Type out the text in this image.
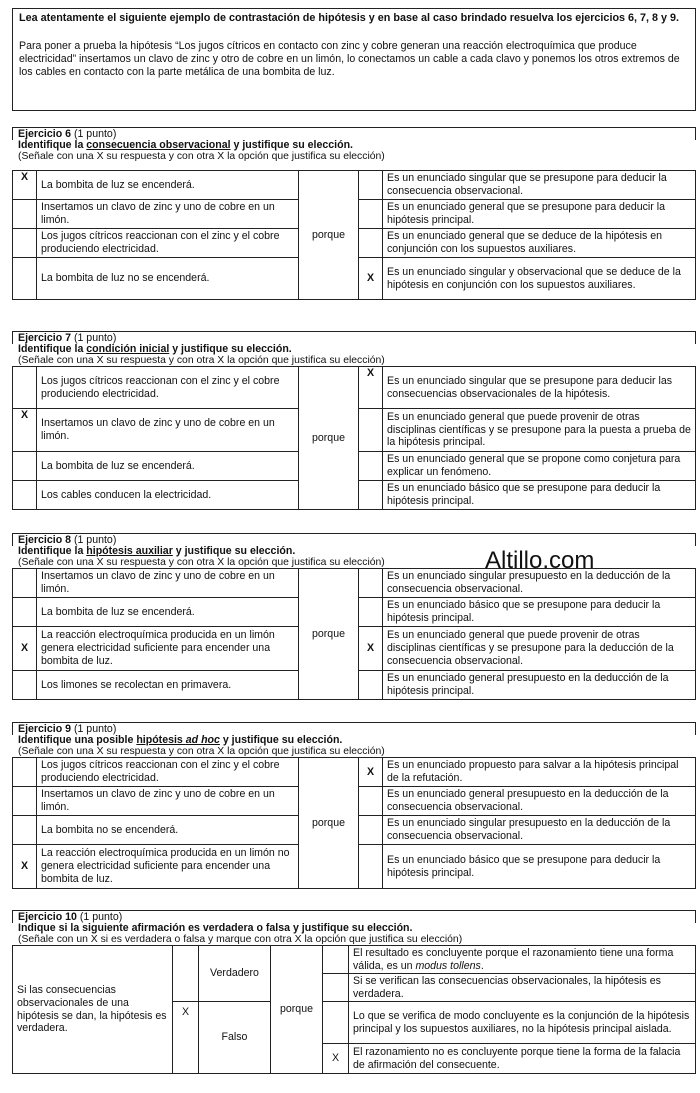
Lea atentamente el siguiente ejemplo de contrastación de hipótesis y en base al caso brindado resuelva los ejercicios 6, 7, 8 y 9.
Para poner a prueba la hipótesis “Los jugos cítricos en contacto con zinc y cobre generan una reacción electroquímica que produce electricidad” insertamos un clavo de zinc y otro de cobre en un limón, lo conectamos un cable a cada clavo y ponemos los otros extremos de los cables en contacto con la parte metálica de una bombita de luz.
Ejercicio 6 (1 punto)
Identifique la consecuencia observacional y justifique su elección.
(Señale con una X su respuesta y con otra X la opción que justifica su elección)
X	La bombita de luz se encenderá.	porque		Es un enunciado singular que se presupone para deducir la consecuencia observacional.
	Insertamos un clavo de zinc y uno de cobre en un limón.			Es un enunciado general que se presupone para deducir la hipótesis principal.
	Los jugos cítricos reaccionan con el zinc y el cobre produciendo electricidad.			Es un enunciado general que se deduce de la hipótesis en conjunción con los supuestos auxiliares.
	La bombita de luz no se encenderá.		X	Es un enunciado singular y observacional que se deduce de la hipótesis en conjunción con los supuestos auxiliares.
Ejercicio 7 (1 punto)
Identifique la condición inicial y justifique su elección.
(Señale con una X su respuesta y con otra X la opción que justifica su elección)
	Los jugos cítricos reaccionan con el zinc y el cobre produciendo electricidad.	porque	X	Es un enunciado singular que se presupone para deducir las consecuencias observacionales de la hipótesis.
X	Insertamos un clavo de zinc y uno de cobre en un limón.			Es un enunciado general que puede provenir de otras disciplinas científicas y se presupone para la puesta a prueba de la hipótesis principal.
	La bombita de luz se encenderá.			Es un enunciado general que se propone como conjetura para explicar un fenómeno.
	Los cables conducen la electricidad.			Es un enunciado básico que se presupone para deducir la hipótesis principal.
Ejercicio 8 (1 punto)
Identifique la hipótesis auxiliar y justifique su elección.
(Señale con una X su respuesta y con otra X la opción que justifica su elección)
	Insertamos un clavo de zinc y uno de cobre en un limón.	porque		Es un enunciado singular presupuesto en la deducción de la consecuencia observacional.
	La bombita de luz se encenderá.			Es un enunciado básico que se presupone para deducir la hipótesis principal.
X	La reacción electroquímica producida en un limón genera electricidad suficiente para encender una bombita de luz.		X	Es un enunciado general que puede provenir de otras disciplinas científicas y se presupone para la deducción de la consecuencia observacional.
	Los limones se recolectan en primavera.			Es un enunciado general presupuesto en la deducción de la hipótesis principal.
Altillo.com
Ejercicio 9 (1 punto)
Identifique una posible hipótesis ad hoc y justifique su elección.
(Señale con una X su respuesta y con otra X la opción que justifica su elección)
	Los jugos cítricos reaccionan con el zinc y el cobre produciendo electricidad.	porque	X	Es un enunciado propuesto para salvar a la hipótesis principal de la refutación.
	Insertamos un clavo de zinc y uno de cobre en un limón.			Es un enunciado general presupuesto en la deducción de la consecuencia observacional.
	La bombita no se encenderá.			Es un enunciado singular presupuesto en la deducción de la consecuencia observacional.
X	La reacción electroquímica producida en un limón no genera electricidad suficiente para encender una bombita de luz.			Es un enunciado básico que se presupone para deducir la hipótesis principal.
Ejercicio 10 (1 punto)
Indique si la siguiente afirmación es verdadera o falsa y justifique su elección.
(Señale con un X si es verdadera o falsa y marque con otra X la opción que justifica su elección)
Si las consecuencias observacionales de una hipótesis se dan, la hipótesis es verdadera.		Verdadero	porque		El resultado es concluyente porque el razonamiento tiene una forma válida, es un modus tollens.
					Si se verifican las consecuencias observacionales, la hipótesis es verdadera.
	X	Falso			Lo que se verifica de modo concluyente es la conjunción de la hipótesis principal y los supuestos auxiliares, no la hipótesis principal aislada.
				X	El razonamiento no es concluyente porque tiene la forma de la falacia de afirmación del consecuente.
